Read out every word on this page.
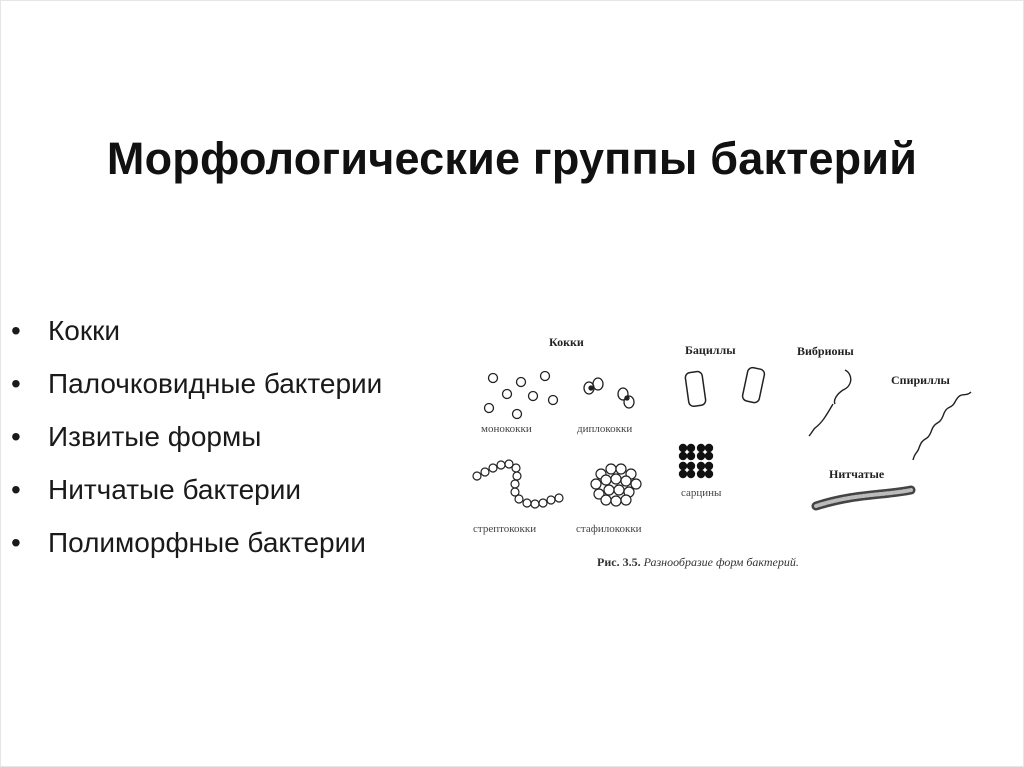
Морфологические группы бактерий
• Кокки
• Палочковидные бактерии
• Извитые формы
• Нитчатые бактерии
• Полиморфные бактерии
Кокки
Бациллы	Вибрионы
Спириллы
Нитчатые
монококки	диплококки
сарцины
стрептококки	стафилококки
Рис. 3.5. Разнообразие форм бактерий.
